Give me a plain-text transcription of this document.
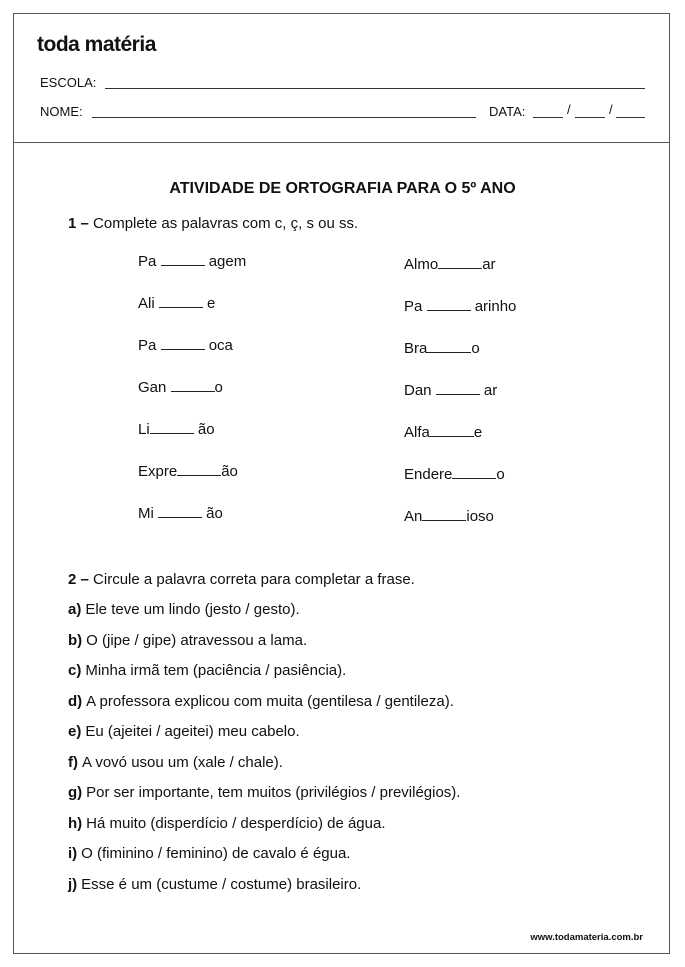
toda matéria
ESCOLA:
NOME:	DATA:	/	/
ATIVIDADE DE ORTOGRAFIA PARA O 5º ANO
1 – Complete as palavras com c, ç, s ou ss.
Pa	agem
Ali	e
Pa	oca
Gan	o
Li	ão
Expre	ão
Mi	ão
Almo	ar
Pa	arinho
Bra	o
Dan	ar
Alfa	e
Endere	o
An	ioso
2 – Circule a palavra correta para completar a frase.
a) Ele teve um lindo (jesto / gesto).
b) O (jipe / gipe) atravessou a lama.
c) Minha irmã tem (paciência / pasiência).
d) A professora explicou com muita (gentilesa / gentileza).
e) Eu (ajeitei / ageitei) meu cabelo.
f) A vovó usou um (xale / chale).
g) Por ser importante, tem muitos (privilégios / previlégios).
h) Há muito (disperdício / desperdício) de água.
i) O (fiminino / feminino) de cavalo é égua.
j) Esse é um (custume / costume) brasileiro.
www.todamateria.com.br
